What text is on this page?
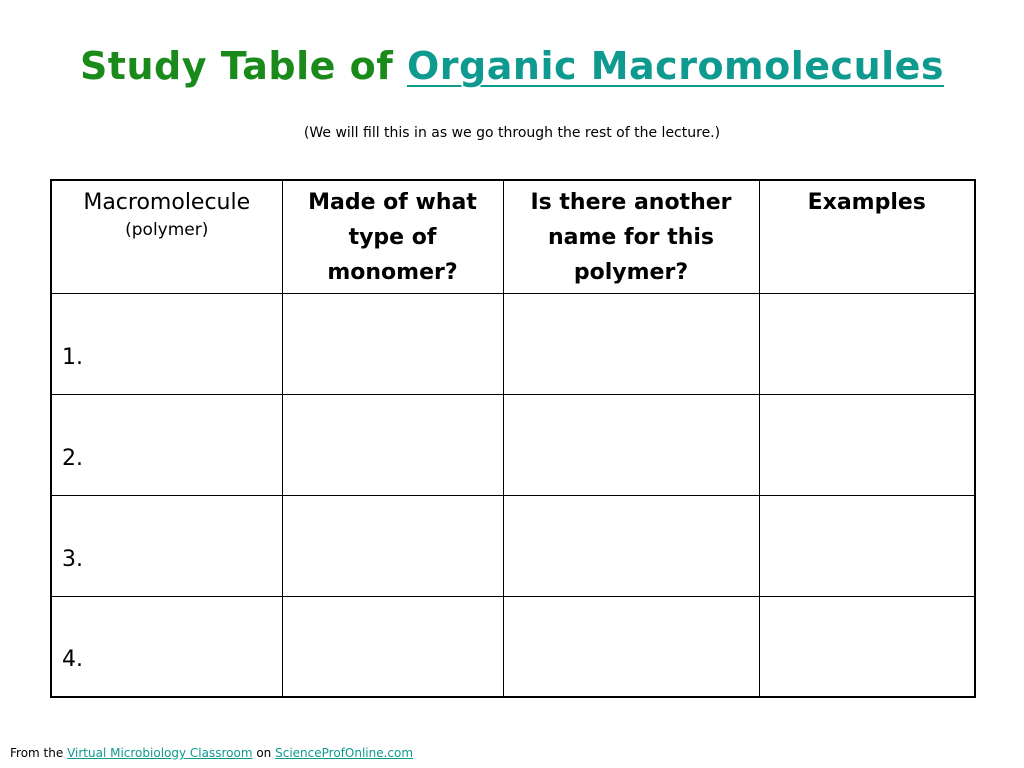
Study Table of Organic Macromolecules
(We will fill this in as we go through the rest of the lecture.)
Macromolecule
(polymer)	Made of what type of monomer?	Is there another name for this polymer?	Examples
1.			
2.			
3.			
4.			
From the Virtual Microbiology Classroom on ScienceProfOnline.com
